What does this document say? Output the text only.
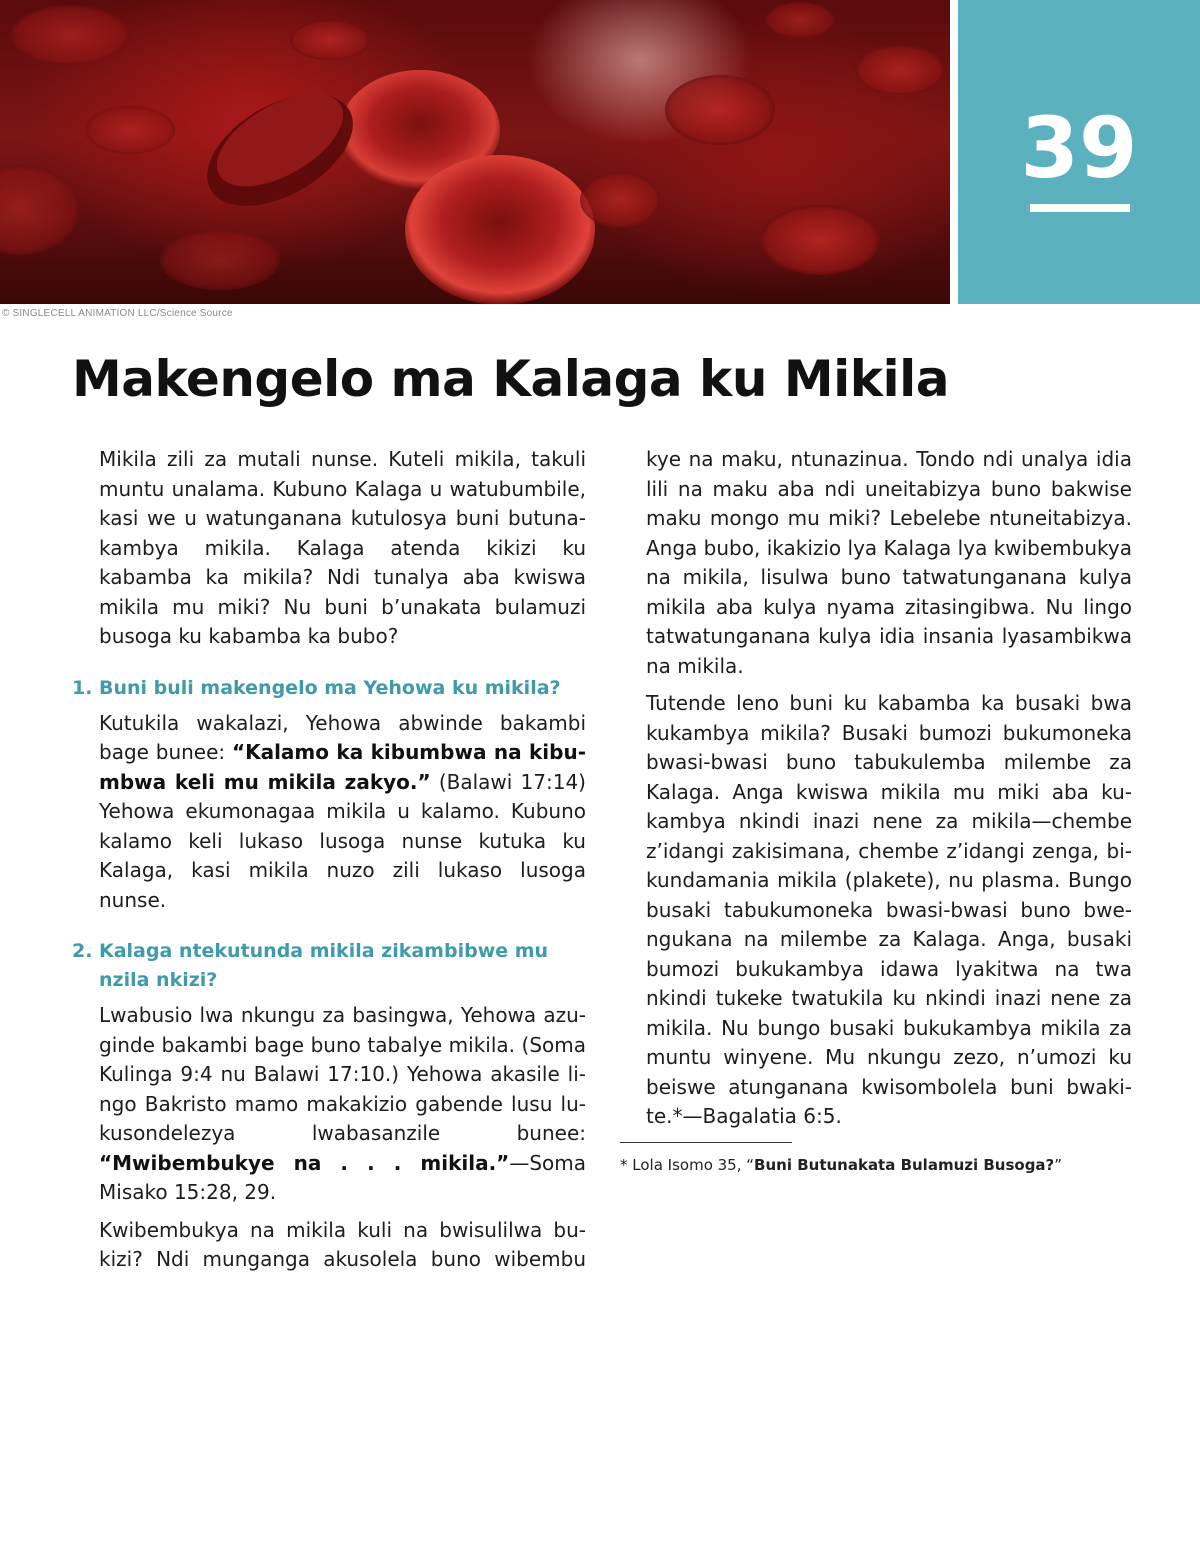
39
© SINGLECELL ANIMATION LLC/Science Source
Makengelo ma Kalaga ku Mikila

Mikila zili za mutali nunse. Kuteli mikila, takuli muntu unalama. Kubuno Kalaga u watubumbile, kasi we u watunganana kutulosya buni butunakambya mikila. Kalaga atenda kikizi ku kabamba ka mikila? Ndi tunalya aba kwiswa mikila mu miki? Nu buni b’unakata bulamuzi busoga ku kabamba ka bubo?

1. Buni buli makengelo ma Yehowa ku mikila?

Kutukila wakalazi, Yehowa abwinde bakambi bage bunee: “Kalamo ka kibumbwa na kibumbwa keli mu mikila zakyo.” (Balawi 17:14) Yehowa ekumonagaa mikila u kalamo. Kubuno kalamo keli lukaso lusoga nunse kutuka ku Kalaga, kasi mikila nuzo zili lukaso lusoga nunse.

2. Kalaga ntekutunda mikila zikambibwe mu nzila nkizi?

Lwabusio lwa nkungu za basingwa, Yehowa azuginde bakambi bage buno tabalye mikila. (Soma Kulinga 9:4 nu Balawi 17:10.) Yehowa akasile lingo Bakristo mamo makakizio gabende lusu lukusondelezya lwabasanzile bunee: “Mwibembukye na . . . mikila.”—Soma Misako 15:28, 29.

Kwibembukya na mikila kuli na bwisulilwa bukizi? Ndi munganga akusolela buno wibembu

kye na maku, ntunazinua. Tondo ndi unalya idia lili na maku aba ndi uneitabizya buno bakwise maku mongo mu miki? Lebelebe ntuneitabizya. Anga bubo, ikakizio lya Kalaga lya kwibembukya na mikila, lisulwa buno tatwatunganana kulya mikila aba kulya nyama zitasingibwa. Nu lingo tatwatunganana kulya idia insania lyasambikwa na mikila.

Tutende leno buni ku kabamba ka busaki bwa kukambya mikila? Busaki bumozi bukumoneka bwasi-bwasi buno tabukulemba milembe za Kalaga. Anga kwiswa mikila mu miki aba kukambya nkindi inazi nene za mikila—chembe z’idangi zakisimana, chembe z’idangi zenga, bikundamania mikila (plakete), nu plasma. Bungo busaki tabukumoneka bwasi-bwasi buno bwengukana na milembe za Kalaga. Anga, busaki bumozi bukukambya idawa lyakitwa na twa nkindi tukeke twatukila ku nkindi inazi nene za mikila. Nu bungo busaki bukukambya mikila za muntu winyene. Mu nkungu zezo, n’umozi ku beiswe atunganana kwisombolela buni bwakite.*—Bagalatia 6:5.

* Lola Isomo 35, “Buni Butunakata Bulamuzi Busoga?”
